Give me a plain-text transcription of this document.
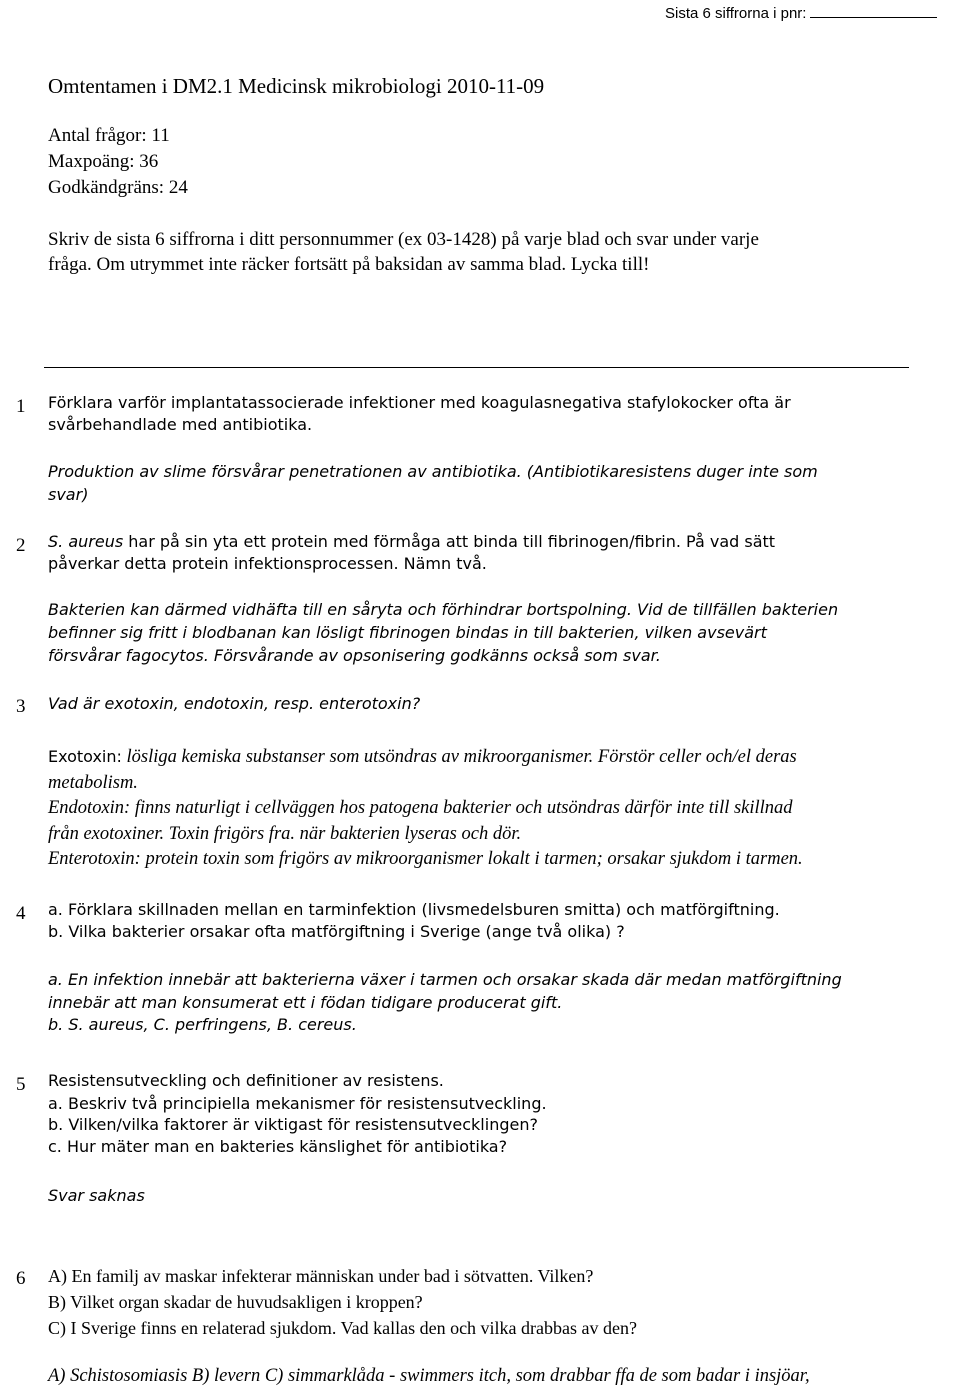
Sista 6 siffrorna i pnr:
Omtentamen i DM2.1 Medicinsk mikrobiologi 2010-11-09
Antal frågor: 11
Maxpoäng: 36
Godkändgräns: 24
Skriv de sista 6 siffrorna i ditt personnummer (ex 03-1428) på varje blad och svar under varje
fråga. Om utrymmet inte räcker fortsätt på baksidan av samma blad. Lycka till!
1 Förklara varför implantatassocierade infektioner med koagulasnegativa stafylokocker ofta är

svårbehandlade med antibiotika.

Produktion av slime försvårar penetrationen av antibiotika. (Antibiotikaresistens duger inte som

svar)

2 S. aureus har på sin yta ett protein med förmåga att binda till fibrinogen/fibrin. På vad sätt

påverkar detta protein infektionsprocessen. Nämn två.

Bakterien kan därmed vidhäfta till en såryta och förhindrar bortspolning. Vid de tillfällen bakterien

befinner sig fritt i blodbanan kan lösligt fibrinogen bindas in till bakterien, vilken avsevärt

försvårar fagocytos. Försvårande av opsonisering godkänns också som svar.

3 Vad är exotoxin, endotoxin, resp. enterotoxin?

Exotoxin: lösliga kemiska substanser som utsöndras av mikroorganismer. Förstör celler och/el deras

metabolism.

Endotoxin: finns naturligt i cellväggen hos patogena bakterier och utsöndras därför inte till skillnad

från exotoxiner. Toxin frigörs fra. när bakterien lyseras och dör.

Enterotoxin: protein toxin som frigörs av mikroorganismer lokalt i tarmen; orsakar sjukdom i tarmen.

4 a. Förklara skillnaden mellan en tarminfektion (livsmedelsburen smitta) och matförgiftning.

b. Vilka bakterier orsakar ofta matförgiftning i Sverige (ange två olika) ?

a. En infektion innebär att bakterierna växer i tarmen och orsakar skada där medan matförgiftning

innebär att man konsumerat ett i födan tidigare producerat gift.

b. S. aureus, C. perfringens, B. cereus.

5 Resistensutveckling och definitioner av resistens.

a. Beskriv två principiella mekanismer för resistensutveckling.

b. Vilken/vilka faktorer är viktigast för resistensutvecklingen?

c. Hur mäter man en bakteries känslighet för antibiotika?

Svar saknas

6 A) En familj av maskar infekterar människan under bad i sötvatten. Vilken?

B) Vilket organ skadar de huvudsakligen i kroppen?

C) I Sverige finns en relaterad sjukdom. Vad kallas den och vilka drabbas av den?

A) Schistosomiasis B) levern C) simmarklåda - swimmers itch, som drabbar ffa de som badar i insjöar,
